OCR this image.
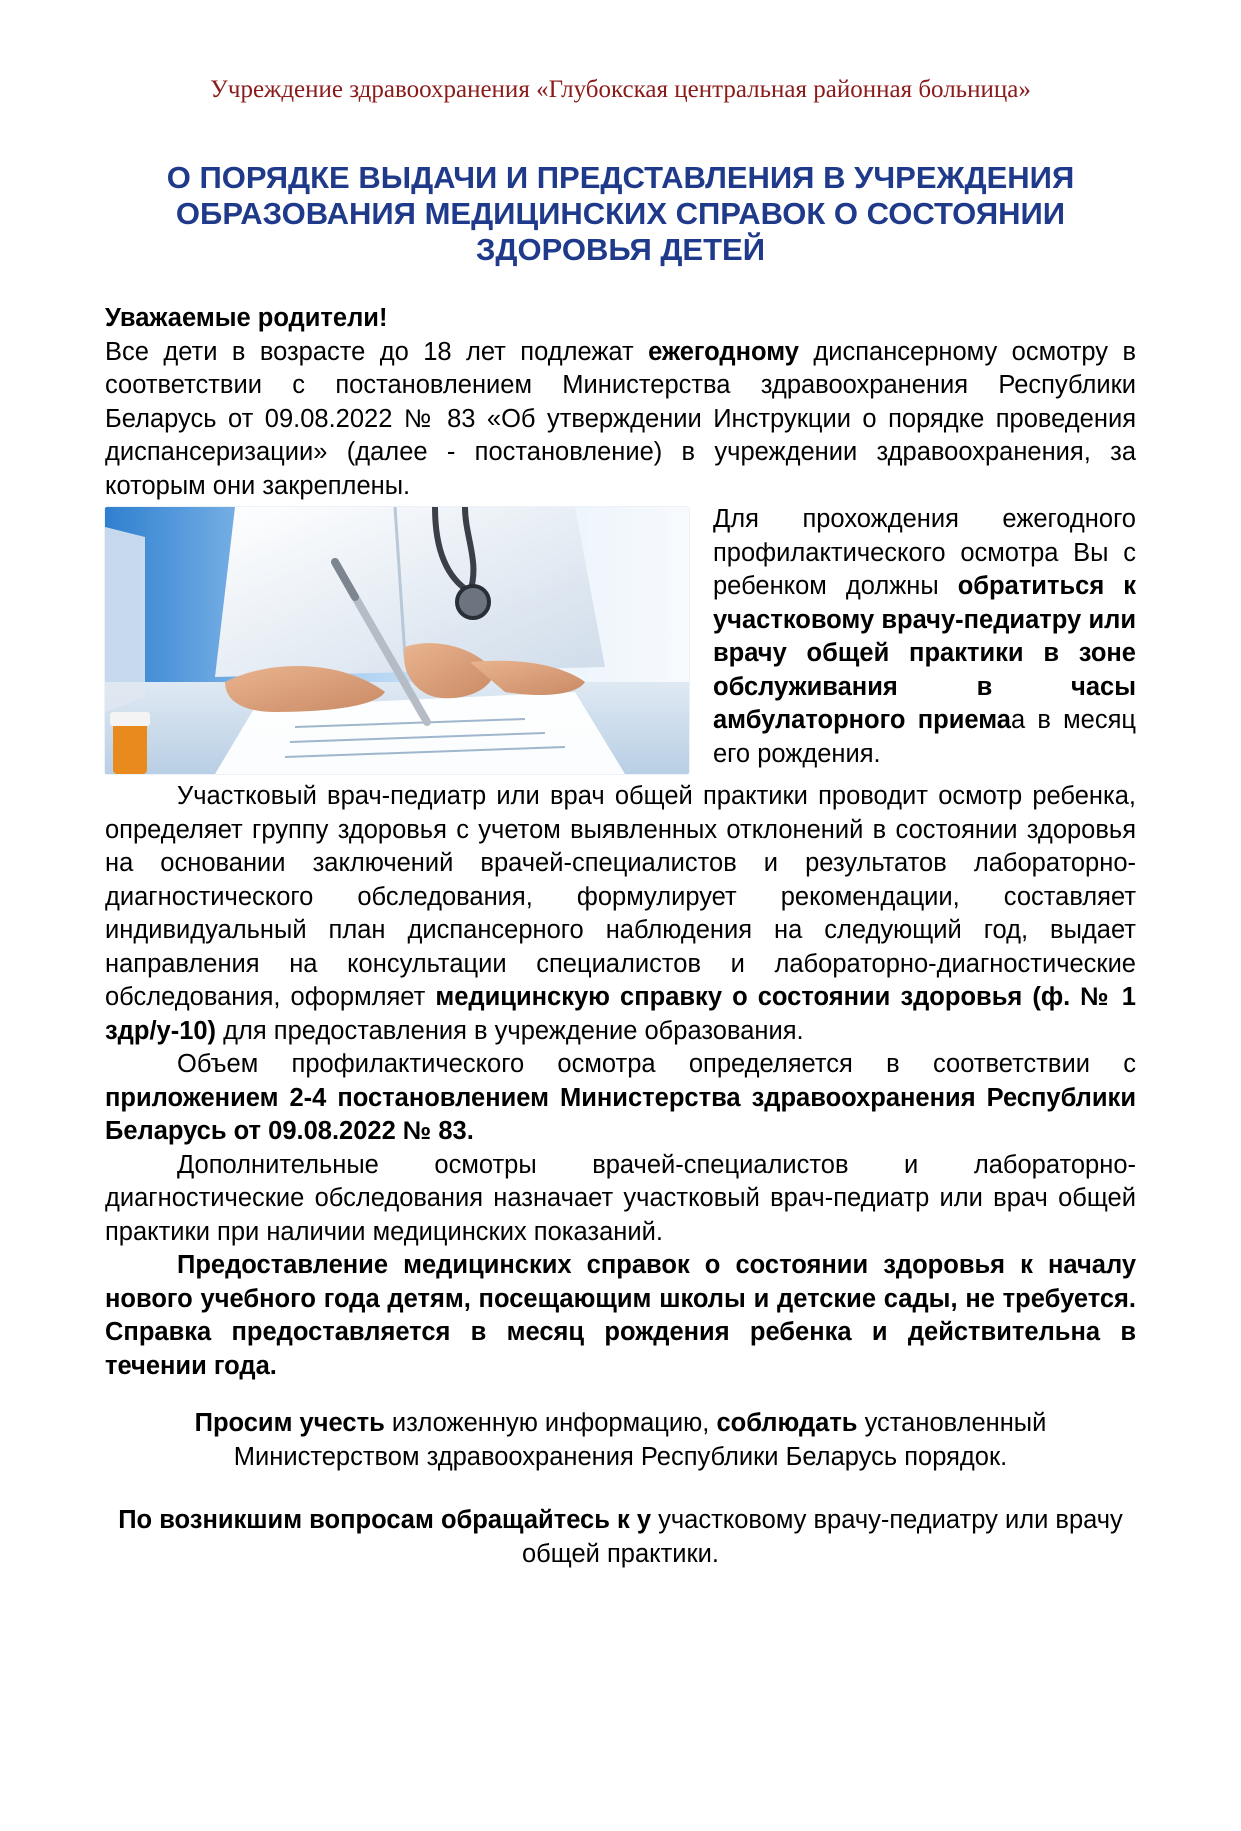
Учреждение здравоохранения «Глубокская центральная районная больница»
О ПОРЯДКЕ ВЫДАЧИ И ПРЕДСТАВЛЕНИЯ В УЧРЕЖДЕНИЯ ОБРАЗОВАНИЯ МЕДИЦИНСКИХ СПРАВОК О СОСТОЯНИИ ЗДОРОВЬЯ ДЕТЕЙ

Уважаемые родители!

Все дети в возрасте до 18 лет подлежат ежегодному диспансерному осмотру в соответствии с постановлением Министерства здравоохранения Республики Беларусь от 09.08.2022 № 83 «Об утверждении Инструкции о порядке проведения диспансеризации» (далее - постановление) в учреждении здравоохранения, за которым они закреплены.

Для прохождения ежегодного профилактического осмотра Вы с ребенком должны обратиться к участковому врачу-педиатру или врачу общей практики в зоне обслуживания в часы амбулаторного приемаа в месяц его рождения.

Участковый врач-педиатр или врач общей практики проводит осмотр ребенка, определяет группу здоровья с учетом выявленных отклонений в состоянии здоровья на основании заключений врачей-специалистов и результатов лабораторно-диагностического обследования, формулирует рекомендации, составляет индивидуальный план диспансерного наблюдения на следующий год, выдает направления на консультации специалистов и лабораторно-диагностические обследования, оформляет медицинскую справку о состоянии здоровья (ф. № 1 здр/у-10) для предоставления в учреждение образования.

Объем профилактического осмотра определяется в соответствии с приложением 2-4 постановлением Министерства здравоохранения Республики Беларусь от 09.08.2022 № 83.

Дополнительные осмотры врачей-специалистов и лабораторно-диагностические обследования назначает участковый врач-педиатр или врач общей практики при наличии медицинских показаний.

Предоставление медицинских справок о состоянии здоровья к началу нового учебного года детям, посещающим школы и детские сады, не требуется. Справка предоставляется в месяц рождения ребенка и действительна в течении года.

Просим учесть изложенную информацию, соблюдать установленный Министерством здравоохранения Республики Беларусь порядок.

По возникшим вопросам обращайтесь к у участковому врачу-педиатру или врачу общей практики.
